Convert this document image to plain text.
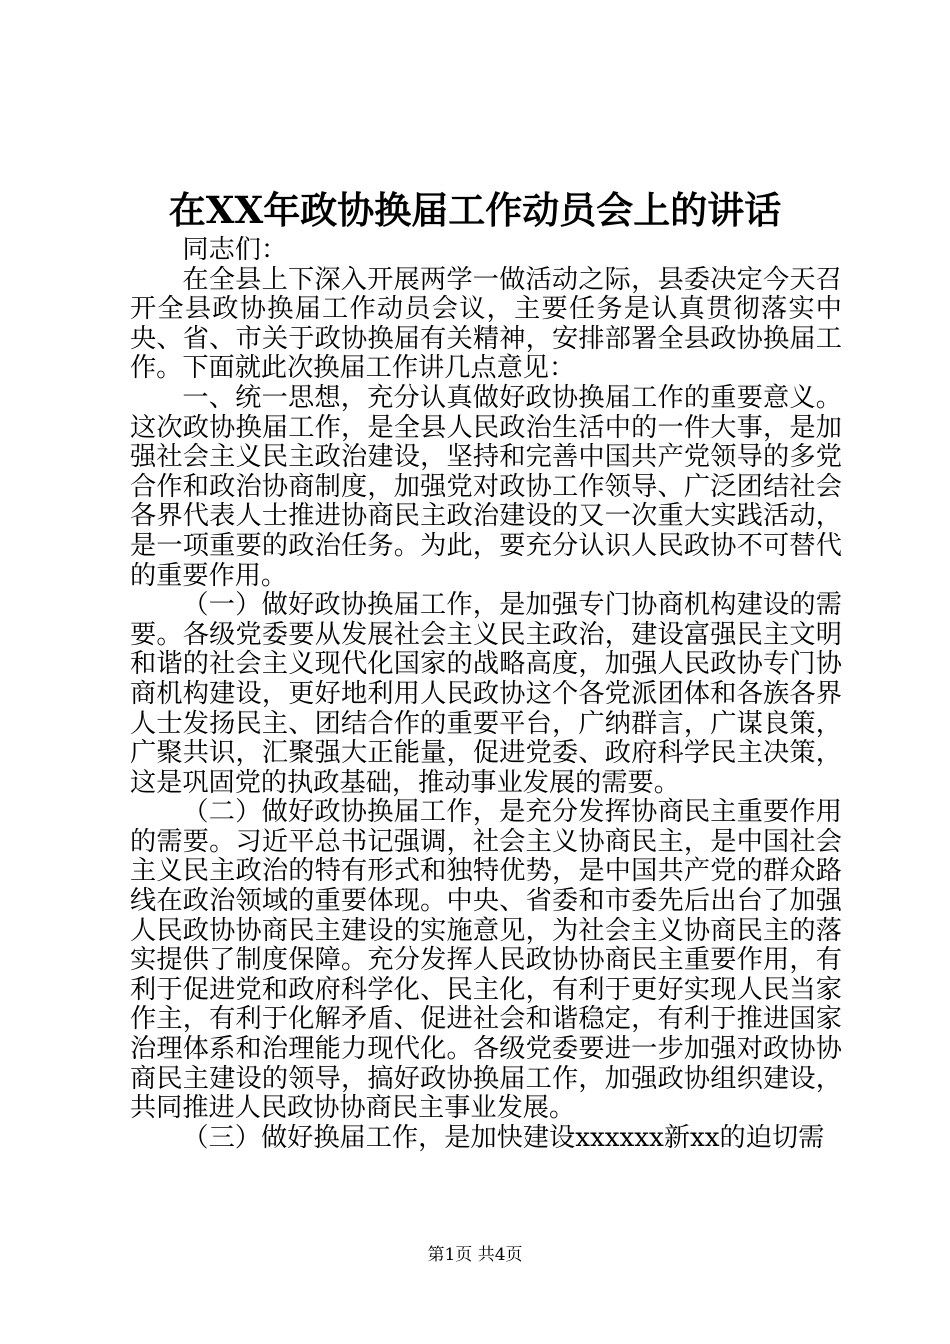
在XX年政协换届工作动员会上的讲话

同志们：

在全县上下深入开展两学一做活动之际，县委决定今天召开全县政协换届工作动员会议，主要任务是认真贯彻落实中央、省、市关于政协换届有关精神，安排部署全县政协换届工作。下面就此次换届工作讲几点意见：

一、统一思想，充分认真做好政协换届工作的重要意义。这次政协换届工作，是全县人民政治生活中的一件大事，是加强社会主义民主政治建设，坚持和完善中国共产党领导的多党合作和政治协商制度，加强党对政协工作领导、广泛团结社会各界代表人士推进协商民主政治建设的又一次重大实践活动，是一项重要的政治任务。为此，要充分认识人民政协不可替代的重要作用。

（一）做好政协换届工作，是加强专门协商机构建设的需要。各级党委要从发展社会主义民主政治，建设富强民主文明和谐的社会主义现代化国家的战略高度，加强人民政协专门协商机构建设，更好地利用人民政协这个各党派团体和各族各界人士发扬民主、团结合作的重要平台，广纳群言，广谋良策，广聚共识，汇聚强大正能量，促进党委、政府科学民主决策，这是巩固党的执政基础，推动事业发展的需要。

（二）做好政协换届工作，是充分发挥协商民主重要作用的需要。习近平总书记强调，社会主义协商民主，是中国社会主义民主政治的特有形式和独特优势，是中国共产党的群众路线在政治领域的重要体现。中央、省委和市委先后出台了加强人民政协协商民主建设的实施意见，为社会主义协商民主的落实提供了制度保障。充分发挥人民政协协商民主重要作用，有利于促进党和政府科学化、民主化，有利于更好实现人民当家作主，有利于化解矛盾、促进社会和谐稳定，有利于推进国家治理体系和治理能力现代化。各级党委要进一步加强对政协协商民主建设的领导，搞好政协换届工作，加强政协组织建设，共同推进人民政协协商民主事业发展。

（三）做好换届工作，是加快建设xxxxxx新xx的迫切需

第1页 共4页
